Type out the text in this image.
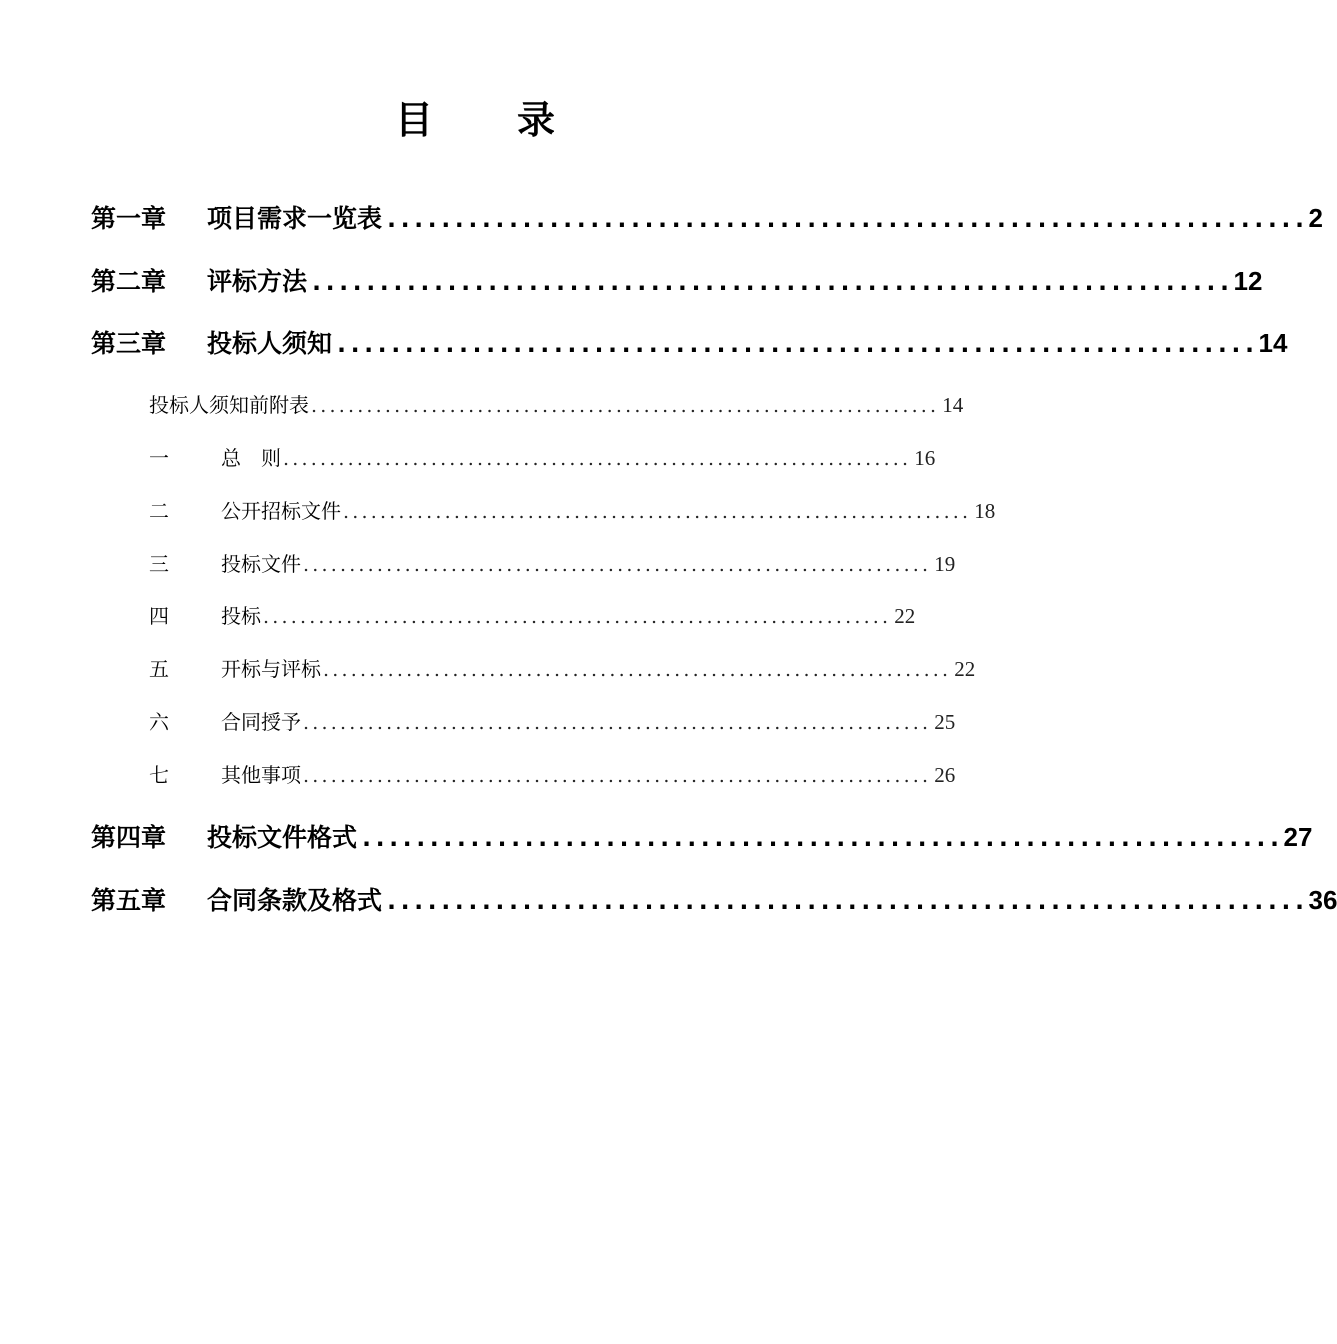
目 录
第一章	项目需求一览表 .................................................................... 2
第二章	评标方法 .................................................................... 12
第三章	投标人须知 .................................................................... 14
投标人须知前附表 .................................................................... 14
一	总　则 .................................................................... 16
二	公开招标文件 .................................................................... 18
三	投标文件 .................................................................... 19
四	投标 .................................................................... 22
五	开标与评标 .................................................................... 22
六	合同授予 .................................................................... 25
七	其他事项 .................................................................... 26
第四章	投标文件格式 .................................................................... 27
第五章	合同条款及格式 .................................................................... 36
